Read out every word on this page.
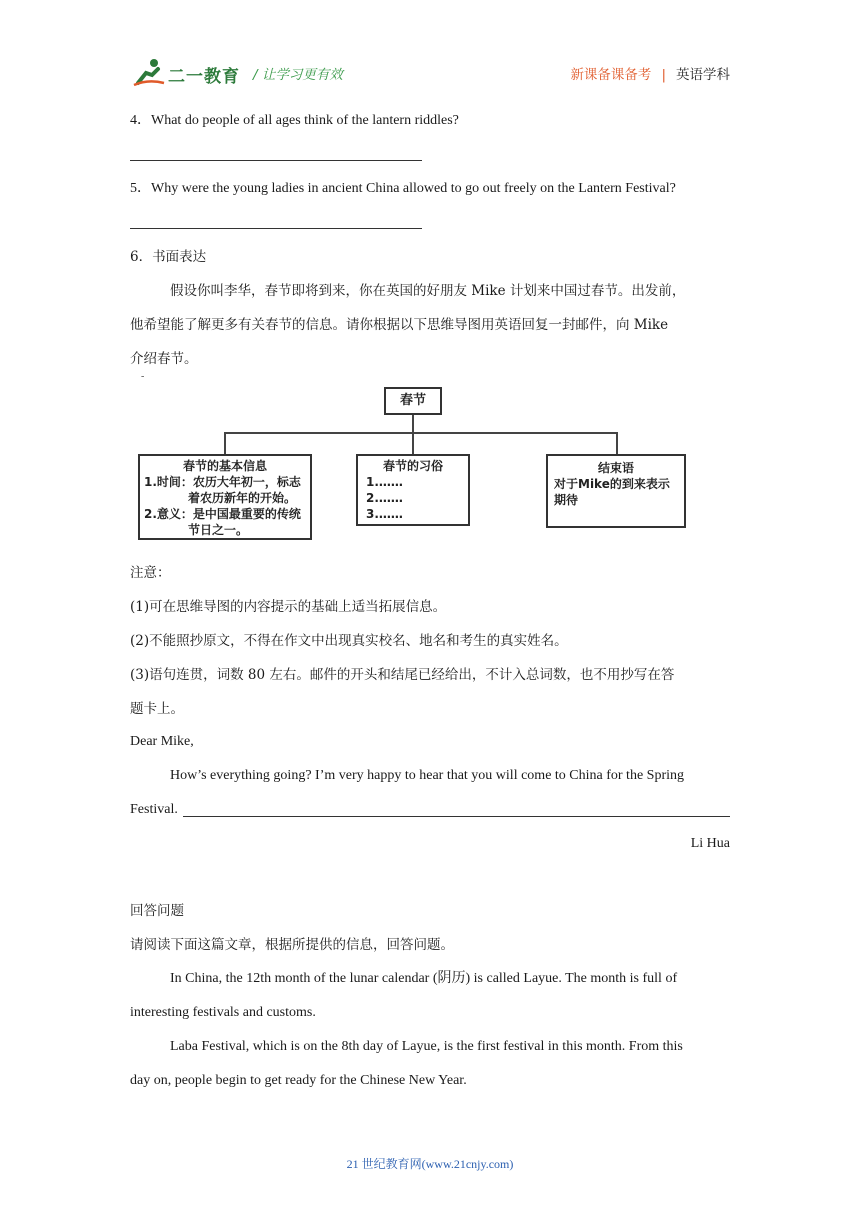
二一教育 / 让学习更有效	新课备课备考 | 英语学科
4．What do people of all ages think of the lantern riddles?
5．Why were the young ladies in ancient China allowed to go out freely on the Lantern Festival?
6．书面表达
假设你叫李华，春节即将到来，你在英国的好朋友 Mike 计划来中国过春节。出发前，
他希望能了解更多有关春节的信息。请你根据以下思维导图用英语回复一封邮件，向 Mike
介绍春节。
-
春节
春节的基本信息
1.时间：农历大年初一，标志
着农历新年的开始。
2.意义：是中国最重要的传统
节日之一。
春节的习俗
1.……
2.……
3.……
结束语
对于Mike的到来表示
期待
注意：
(1)可在思维导图的内容提示的基础上适当拓展信息。
(2)不能照抄原文，不得在作文中出现真实校名、地名和考生的真实姓名。
(3)语句连贯，词数 80 左右。邮件的开头和结尾已经给出，不计入总词数，也不用抄写在答
题卡上。
Dear Mike,
How’s everything going? I’m very happy to hear that you will come to China for the Spring
Festival.
Li Hua
回答问题
请阅读下面这篇文章，根据所提供的信息，回答问题。
In China, the 12th month of the lunar calendar (阴历) is called Layue. The month is full of
interesting festivals and customs.
Laba Festival, which is on the 8th day of Layue, is the first festival in this month. From this
day on, people begin to get ready for the Chinese New Year.
21 世纪教育网(www.21cnjy.com)
